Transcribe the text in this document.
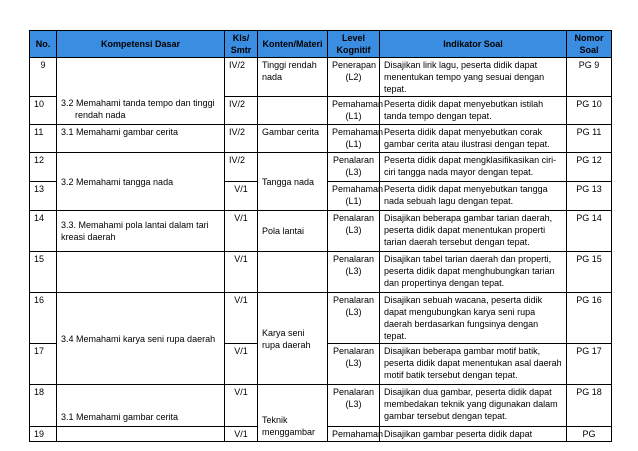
No.	Kompetensi Dasar	Kls/ Smtr	Konten/Materi	Level Kognitif	Indikator Soal	Nomor Soal
9	3.2 Memahami tanda tempo dan tinggi rendah nada	IV/2	Tinggi rendah nada	Penerapan (L2)	Disajikan lirik lagu, peserta didik dapat menentukan tempo yang sesuai dengan tepat.	PG 9
10		IV/2		Pemahaman (L1)	Peserta didik dapat menyebutkan istilah tanda tempo dengan tepat.	PG 10
11	3.1 Memahami gambar cerita	IV/2	Gambar cerita	Pemahaman (L1)	Peserta didik dapat menyebutkan corak gambar cerita atau ilustrasi dengan tepat.	PG 11
12	3.2 Memahami tangga nada	IV/2	Tangga nada	Penalaran (L3)	Peserta didik dapat mengklasifikasikan ciri-ciri tangga nada mayor dengan tepat.	PG 12
13		V/1		Pemahaman (L1)	Peserta didik dapat menyebutkan tangga nada sebuah lagu dengan tepat.	PG 13
14	3.3. Memahami pola lantai dalam tari kreasi daerah	V/1	Pola lantai	Penalaran (L3)	Disajikan beberapa gambar tarian daerah, peserta didik dapat menentukan properti tarian daerah tersebut dengan tepat.	PG 14
15		V/1		Penalaran (L3)	Disajikan tabel tarian daerah dan properti, peserta didik dapat menghubungkan tarian dan propertinya dengan tepat.	PG 15
16	3.4 Memahami karya seni rupa daerah	V/1	Karya seni rupa daerah	Penalaran (L3)	Disajikan sebuah wacana, peserta didik dapat mengubungkan karya seni rupa daerah berdasarkan fungsinya dengan tepat.	PG 16
17		V/1		Penalaran (L3)	Disajikan beberapa gambar motif batik, peserta didik dapat menentukan asal daerah motif batik tersebut dengan tepat.	PG 17
18	3.1 Memahami gambar cerita	V/1	Teknik menggambar	Penalaran (L3)	Disajikan dua gambar, peserta didik dapat membedakan teknik yang digunakan dalam gambar tersebut dengan tepat.	PG 18
19		V/1		Pemahaman	Disajikan gambar peserta didik dapat	PG
